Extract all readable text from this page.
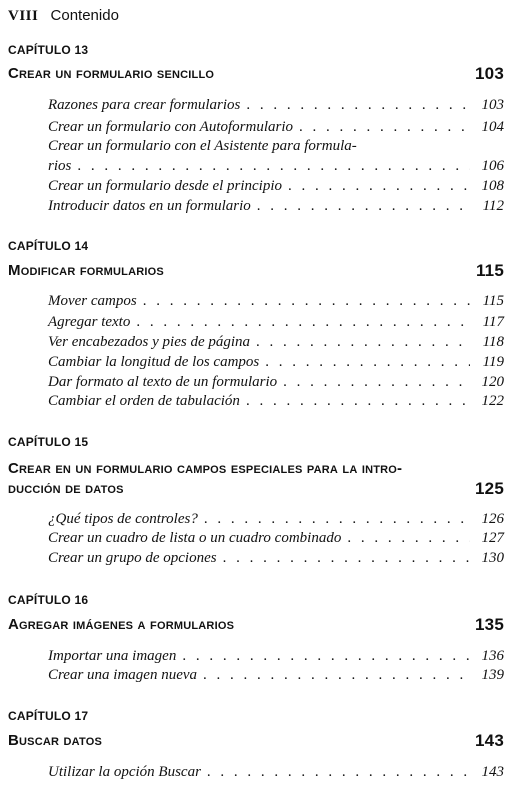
VIII Contenido
CAPÍTULO 13
Crear un formulario sencillo	103
Razones para crear formularios . . .	103
Crear un formulario con Autoformulario . . .	104
Crear un formulario con el Asistente para formula-
rios . . .	106
Crear un formulario desde el principio . . .	108
Introducir datos en un formulario . . .	112
CAPÍTULO 14
Modificar formularios	115
Mover campos . . .	115
Agregar texto . . .	117
Ver encabezados y pies de página . . .	118
Cambiar la longitud de los campos . . .	119
Dar formato al texto de un formulario . . .	120
Cambiar el orden de tabulación . . .	122
CAPÍTULO 15
Crear en un formulario campos especiales para la intro-
ducción de datos	125
¿Qué tipos de controles? . . .	126
Crear un cuadro de lista o un cuadro combinado . . .	127
Crear un grupo de opciones . . .	130
CAPÍTULO 16
Agregar imágenes a formularios	135
Importar una imagen . . .	136
Crear una imagen nueva . . .	139
CAPÍTULO 17
Buscar datos	143
Utilizar la opción Buscar . . .	143
